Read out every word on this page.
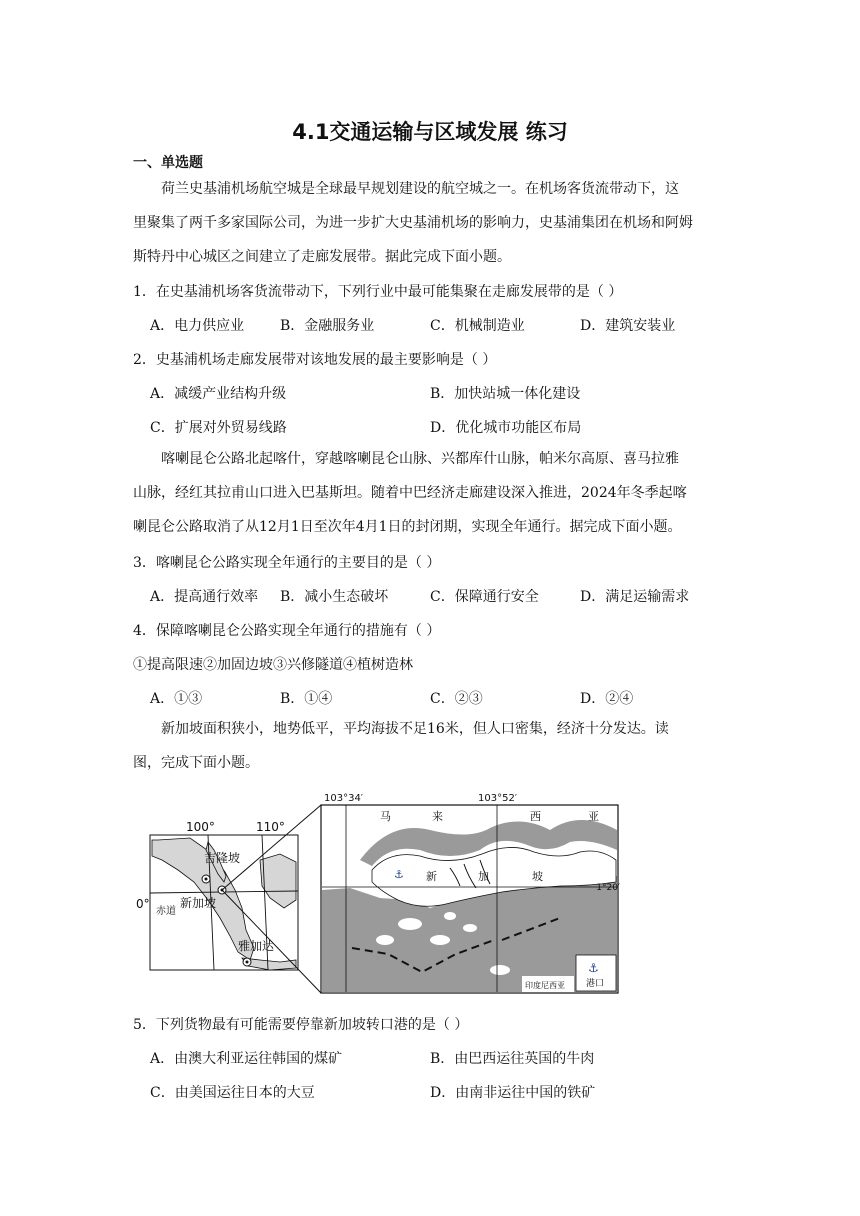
4.1交通运输与区域发展 练习
一、单选题

荷兰史基浦机场航空城是全球最早规划建设的航空城之一。在机场客货流带动下，这

里聚集了两千多家国际公司，为进一步扩大史基浦机场的影响力，史基浦集团在机场和阿姆

斯特丹中心城区之间建立了走廊发展带。据此完成下面小题。

1．在史基浦机场客货流带动下，下列行业中最可能集聚在走廊发展带的是（ ）
A．电力供应业	B．金融服务业	C．机械制造业	D．建筑安装业
2．史基浦机场走廊发展带对该地发展的最主要影响是（ ）
A．减缓产业结构升级	B．加快站城一体化建设
C．扩展对外贸易线路	D．优化城市功能区布局

喀喇昆仑公路北起喀什，穿越喀喇昆仑山脉、兴都库什山脉，帕米尔高原、喜马拉雅

山脉，经红其拉甫山口进入巴基斯坦。随着中巴经济走廊建设深入推进，2024年冬季起喀

喇昆仑公路取消了从12月1日至次年4月1日的封闭期，实现全年通行。据完成下面小题。

3．喀喇昆仑公路实现全年通行的主要目的是（ ）
A．提高通行效率 B．减小生态破坏	C．保障通行安全	D．满足运输需求
4．保障喀喇昆仑公路实现全年通行的措施有（ ）
①提高限速②加固边坡③兴修隧道④植树造林
A．①③	B．①④	C．②③	D．②④

新加坡面积狭小，地势低平，平均海拔不足16米，但人口密集，经济十分发达。读

图，完成下面小题。

100°	110°
0°
赤道
吉隆坡
新加坡
雅加达
⚓
⚓
103°34′	103°52′
1°20′
马	来	西	亚
新	加	坡
印度尼西亚 港口
5．下列货物最有可能需要停靠新加坡转口港的是（ ）
A．由澳大利亚运往韩国的煤矿	B．由巴西运往英国的牛肉
C．由美国运往日本的大豆	D．由南非运往中国的铁矿
